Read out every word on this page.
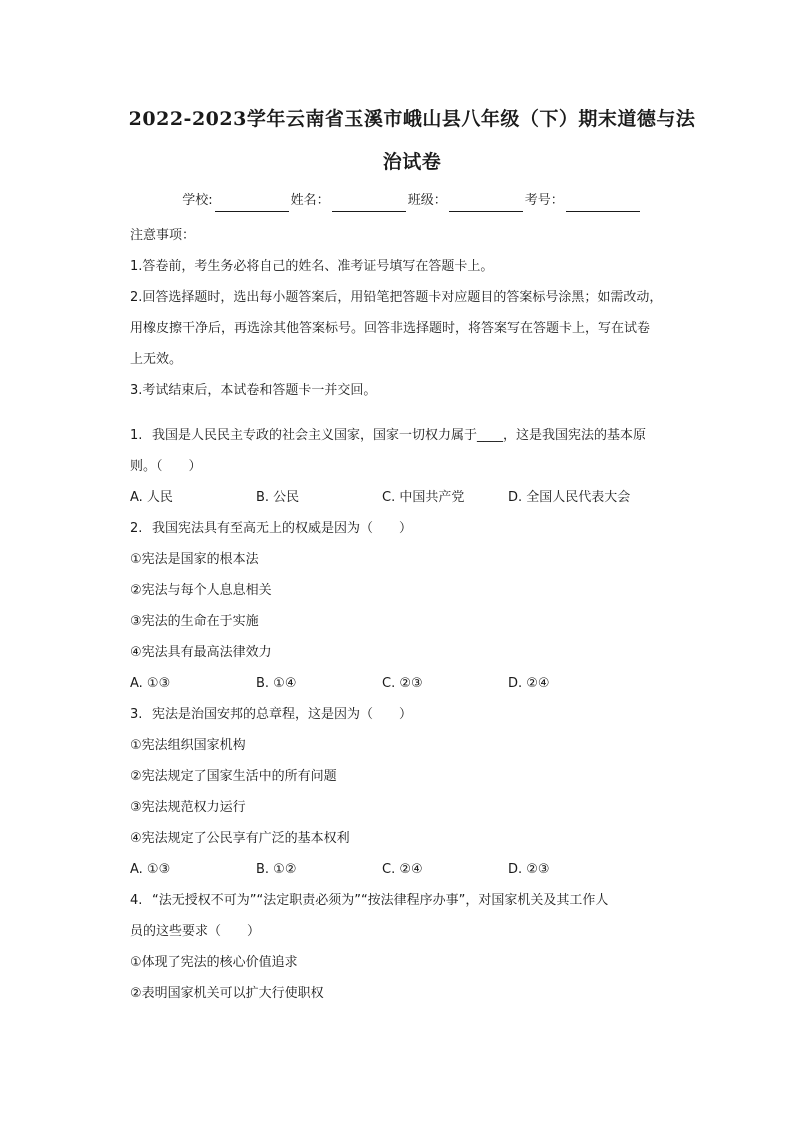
2022-2023学年云南省玉溪市峨山县八年级（下）期末道德与法
治试卷
学校:	姓名：	班级：	考号：
注意事项：

1.答卷前，考生务必将自己的姓名、准考证号填写在答题卡上。

2.回答选择题时，选出每小题答案后，用铅笔把答题卡对应题目的答案标号涂黑；如需改动，

用橡皮擦干净后，再选涂其他答案标号。回答非选择题时，将答案写在答题卡上，写在试卷

上无效。

3.考试结束后，本试卷和答题卡一并交回。

1. 我国是人民民主专政的社会主义国家，国家一切权力属于____，这是我国宪法的基本原

则。（　　）

A. 人民	B. 公民	C. 中国共产党	D. 全国人民代表大会

2. 我国宪法具有至高无上的权威是因为（　　）

①宪法是国家的根本法

②宪法与每个人息息相关

③宪法的生命在于实施

④宪法具有最高法律效力

A. ①③	B. ①④	C. ②③	D. ②④

3. 宪法是治国安邦的总章程，这是因为（　　）

①宪法组织国家机构

②宪法规定了国家生活中的所有问题

③宪法规范权力运行

④宪法规定了公民享有广泛的基本权利

A. ①③	B. ①②	C. ②④	D. ②③

4. “法无授权不可为”“法定职责必须为”“按法律程序办事”，对国家机关及其工作人

员的这些要求（　　）

①体现了宪法的核心价值追求

②表明国家机关可以扩大行使职权
